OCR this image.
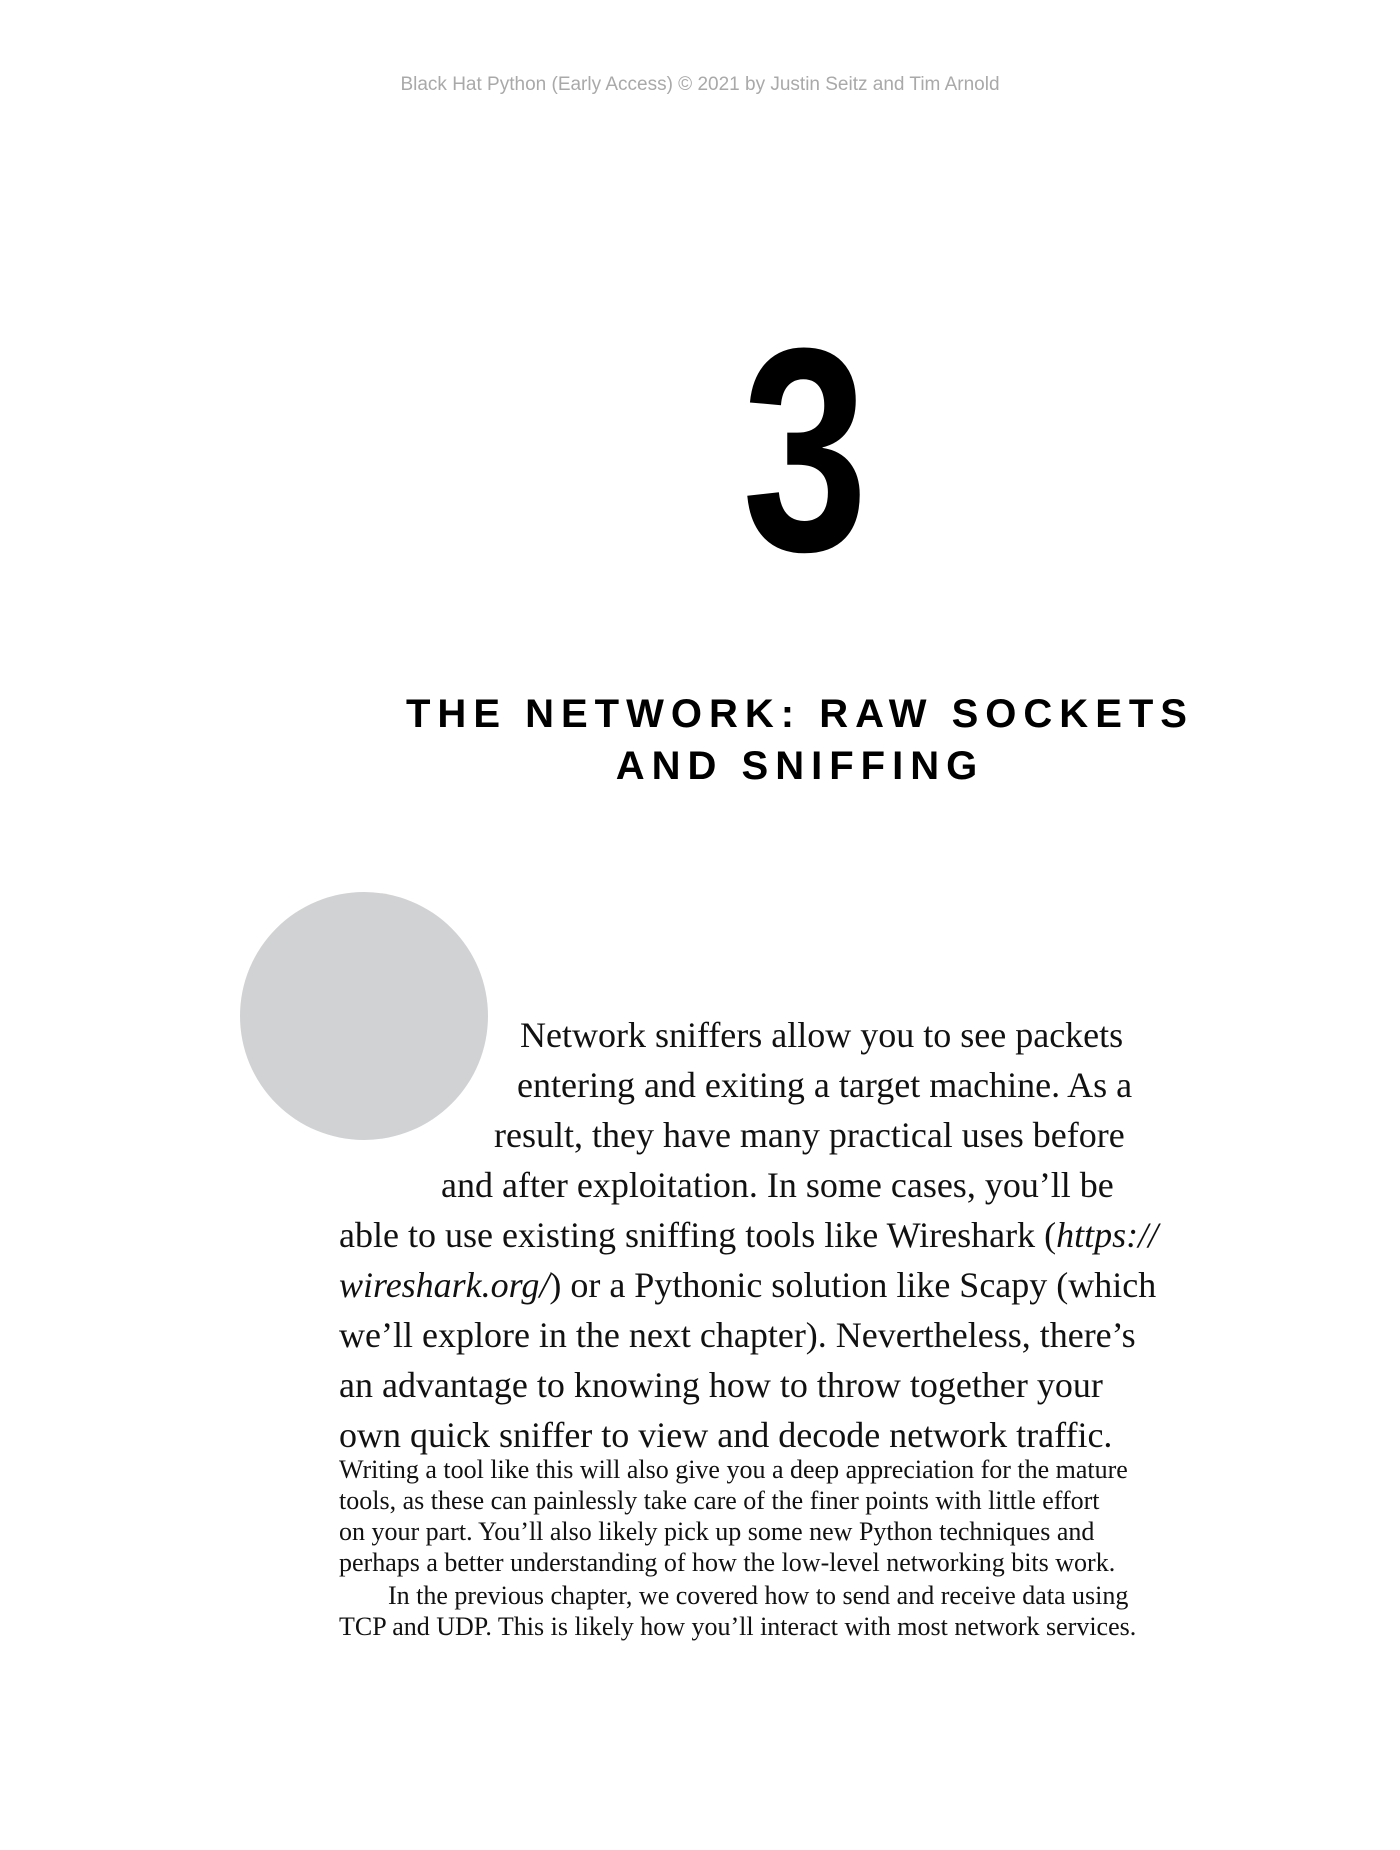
Black Hat Python (Early Access) © 2021 by Justin Seitz and Tim Arnold
3
THE NETWORK: RAW SOCKETS
AND SNIFFING
Network sniffers allow you to see packets
entering and exiting a target machine. As a
result, they have many practical uses before
and after exploitation. In some cases, you’ll be
able to use existing sniffing tools like Wireshark (https://
wireshark.org/) or a Pythonic solution like Scapy (which
we’ll explore in the next chapter). Nevertheless, there’s
an advantage to knowing how to throw together your
own quick sniffer to view and decode network traffic.
Writing a tool like this will also give you a deep appreciation for the mature
tools, as these can painlessly take care of the finer points with little effort
on your part. You’ll also likely pick up some new Python techniques and
perhaps a better understanding of how the low-level networking bits work.
In the previous chapter, we covered how to send and receive data using
TCP and UDP. This is likely how you’ll interact with most network services.
